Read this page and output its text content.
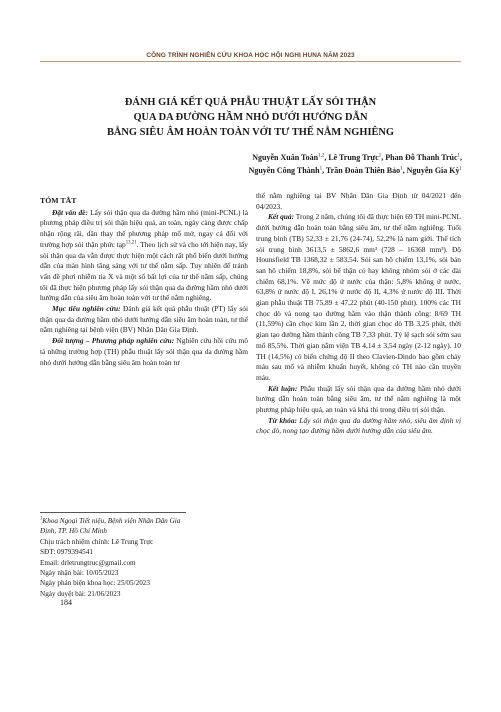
CÔNG TRÌNH NGHIÊN CỨU KHOA HỌC HỘI NGHỊ HUNA NĂM 2023
ĐÁNH GIÁ KẾT QUẢ PHẪU THUẬT LẤY SỎI THẬN
QUA DA ĐƯỜNG HẦM NHỎ DƯỚI HƯỚNG DẪN
BẰNG SIÊU ÂM HOÀN TOÀN VỚI TƯ THẾ NẰM NGHIÊNG
Nguyễn Xuân Toàn$^{1,2}$, Lê Trung Trực$^1$, Phan Đỗ Thanh Trúc$^1$,
Nguyễn Công Thành$^1$, Trần Đoàn Thiên Bảo$^1$, Nguyễn Gia Kỳ$^1$
TÓM TẮT

Đặt vấn đề: Lấy sỏi thận qua da đường hầm nhỏ (mini-PCNL) là phương pháp điều trị sỏi thận hiệu quả, an toàn, ngày càng được chấp nhận rộng rãi, dần thay thế phương pháp mổ mở, ngay cả đối với trường hợp sỏi thận phức tạp$^{13,21}$. Theo lịch sử và cho tới hiện nay, lấy sỏi thận qua da vẫn được thực hiện một cách rất phổ biến dưới hướng dẫn của màn hình tăng sáng với tư thế nằm sấp. Tuy nhiên để tránh vấn đề phơi nhiễm tia X và một số bất lợi của tư thế nằm sấp, chúng tôi đã thực hiện phương pháp lấy sỏi thận qua da đường hầm nhỏ dưới hướng dẫn của siêu âm hoàn toàn với tư thế nằm nghiêng.

Mục tiêu nghiên cứu: Đánh giá kết quả phẫu thuật (PT) lấy sỏi thận qua da đường hầm nhỏ dưới hướng dẫn siêu âm hoàn toàn, tư thế nằm nghiêng tại bệnh viện (BV) Nhân Dân Gia Định.

Đối tượng – Phương pháp nghiên cứu: Nghiên cứu hồi cứu mô tả những trường hợp (TH) phẫu thuật lấy sỏi thận qua da đường hầm nhỏ dưới hướng dẫn bằng siêu âm hoàn toàn tư

$^1$Khoa Ngoại Tiết niệu, Bệnh viện Nhân Dân Gia
Định, TP. Hồ Chí Minh
Chịu trách nhiệm chính: Lê Trung Trực
SĐT: 0979394541
Email: drletrungtruc@gmail.com
Ngày nhận bài: 10/05/2023
Ngày phản biện khoa học: 25/05/2023
Ngày duyệt bài: 21/06/2023
184

thế nằm nghiêng tại BV Nhân Dân Gia Định từ 04/2021 đến 04/2023.

Kết quả: Trong 2 năm, chúng tôi đã thực hiện 69 TH mini-PCNL dưới hướng dẫn hoàn toàn bằng siêu âm, tư thế nằm nghiêng. Tuổi trung bình (TB) 52,33 ± 21,76 (24-74), 52,2% là nam giới. Thể tích sỏi trung bình 3613,5 ± 5862,6 mm³ (728 – 16368 mm³). Độ Hounsfield TB 1368,32 ± 583,54. Sỏi san hô chiếm 13,1%, sỏi bán san hô chiếm 18,8%, sỏi bể thận có hay không nhóm sỏi ở các đài chiếm 68,1%. Về mức độ ứ nước của thận: 5,8% không ứ nước, 63,8% ứ nước độ I, 26,1% ứ nước độ II, 4,3% ứ nước độ III. Thời gian phẫu thuật TB 75,89 ± 47,22 phút (40-150 phút). 100% các TH chọc dò và nong tạo đường hầm vào thận thành công: 8/69 TH (11,59%) cần chọc kim lần 2, thời gian chọc dò TB 3,25 phút, thời gian tạo đường hầm thành công TB 7,33 phút. Tỷ lệ sạch sỏi sớm sau mổ 85,5%. Thời gian nằm viện TB 4,14 ± 3,54 ngày (2-12 ngày). 10 TH (14,5%) có biến chứng độ II theo Clavien-Dindo bao gồm chảy máu sau mổ và nhiễm khuẩn huyết, không có TH nào cần truyền máu.

Kết luận: Phẫu thuật lấy sỏi thận qua da đường hầm nhỏ dưới hướng dẫn hoàn toàn bằng siêu âm, tư thế nằm nghiêng là một phương pháp hiệu quả, an toàn và khả thi trong điều trị sỏi thận.

Từ khóa: Lấy sỏi thận qua da đường hầm nhỏ, siêu âm định vị chọc dò, nong tạo đường hầm dưới hướng dẫn của siêu âm.
